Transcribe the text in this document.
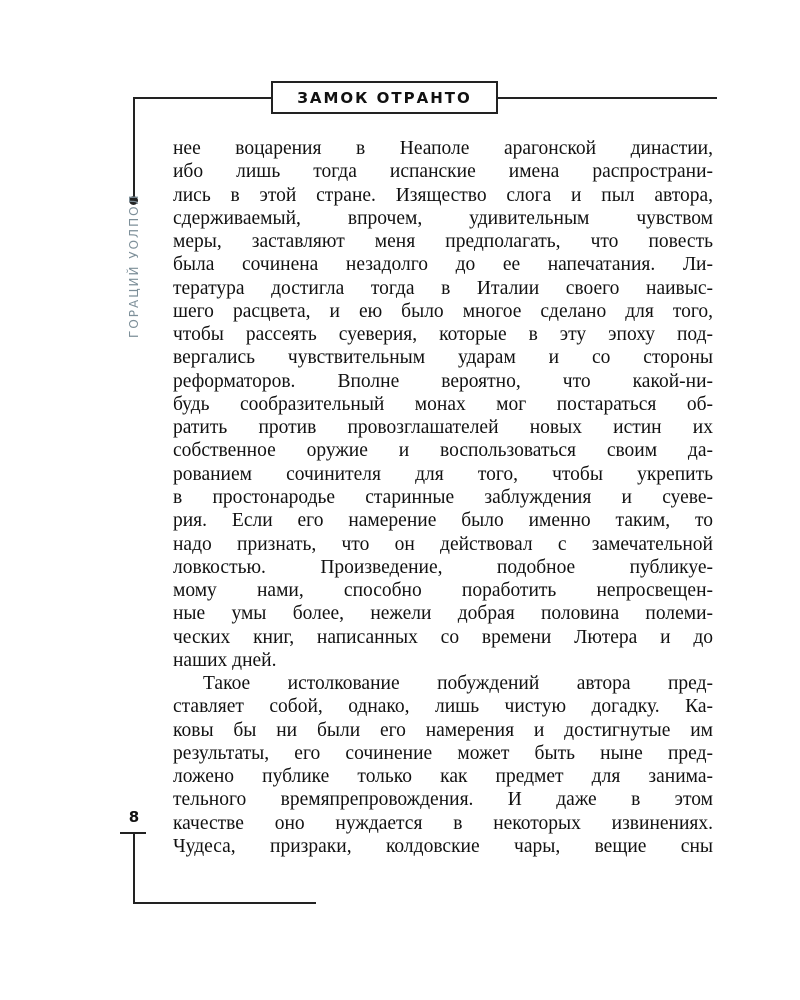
ЗАМОК ОТРАНТО
ГОРАЦИЙ УОЛПОЛ
нее воцарения в Неаполе арагонской династии,
ибо лишь тогда испанские имена распространи-
лись в этой стране. Изящество слога и пыл автора,
сдерживаемый, впрочем, удивительным чувством
меры, заставляют меня предполагать, что повесть
была сочинена незадолго до ее напечатания. Ли-
тература достигла тогда в Италии своего наивыс-
шего расцвета, и ею было многое сделано для того,
чтобы рассеять суеверия, которые в эту эпоху под-
вергались чувствительным ударам и со стороны
реформаторов. Вполне вероятно, что какой-ни-
будь сообразительный монах мог постараться об-
ратить против провозглашателей новых истин их
собственное оружие и воспользоваться своим да-
рованием сочинителя для того, чтобы укрепить
в простонародье старинные заблуждения и суеве-
рия. Если его намерение было именно таким, то
надо признать, что он действовал с замечательной
ловкостью. Произведение, подобное публикуе-
мому нами, способно поработить непросвещен-
ные умы более, нежели добрая половина полеми-
ческих книг, написанных со времени Лютера и до
наших дней.
Такое истолкование побуждений автора пред-
ставляет собой, однако, лишь чистую догадку. Ка-
ковы бы ни были его намерения и достигнутые им
результаты, его сочинение может быть ныне пред-
ложено публике только как предмет для занима-
тельного времяпрепровождения. И даже в этом
качестве оно нуждается в некоторых извинениях.
Чудеса, призраки, колдовские чары, вещие сны
8
